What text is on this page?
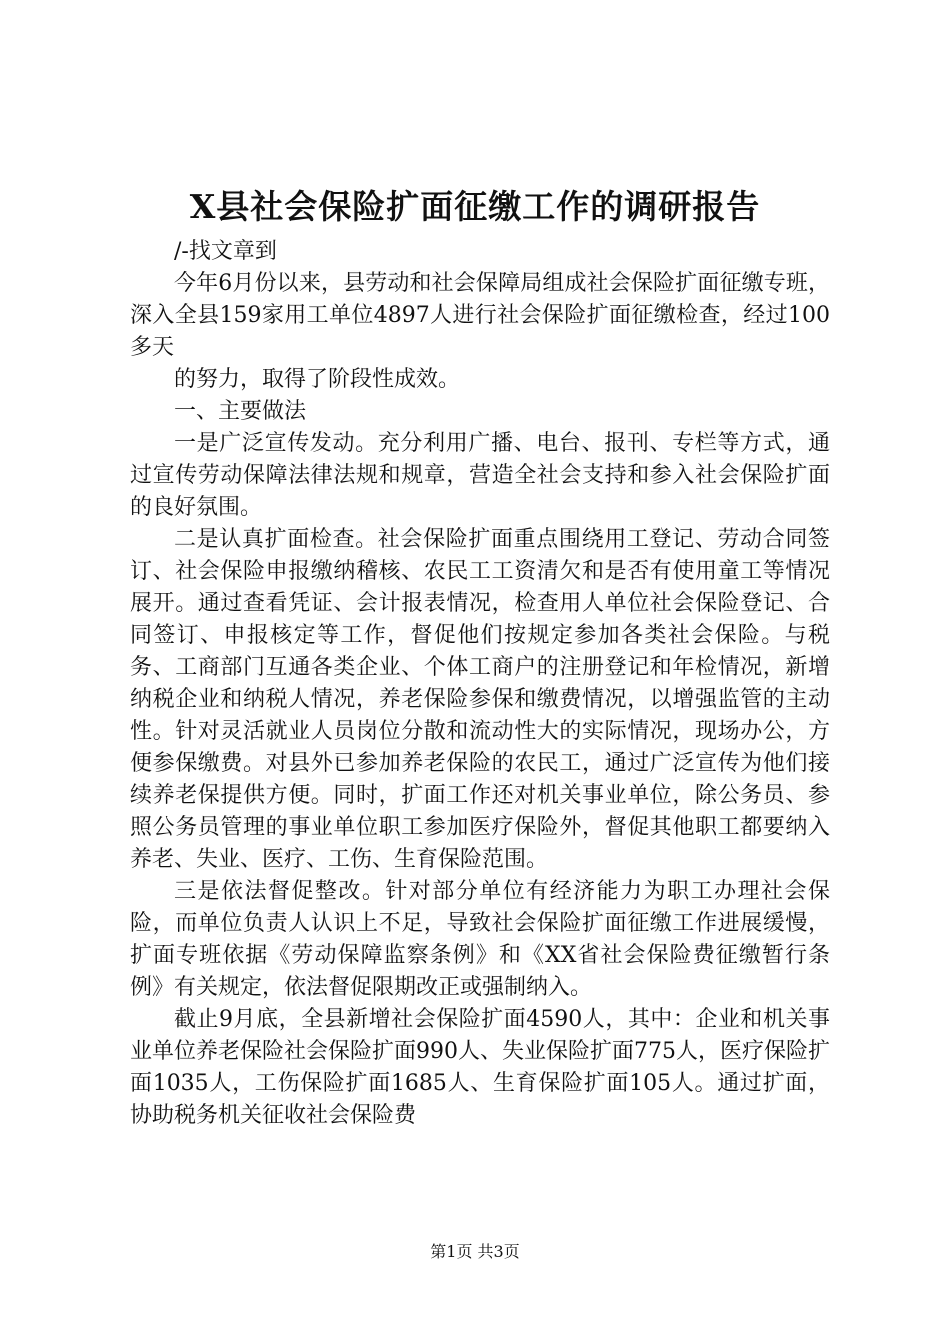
X县社会保险扩面征缴工作的调研报告

/-找文章到

今年6月份以来，县劳动和社会保障局组成社会保险扩面征缴专班，深入全县159家用工单位4897人进行社会保险扩面征缴检查，经过100多天

的努力，取得了阶段性成效。

一、主要做法

一是广泛宣传发动。充分利用广播、电台、报刊、专栏等方式，通过宣传劳动保障法律法规和规章，营造全社会支持和参入社会保险扩面的良好氛围。

二是认真扩面检查。社会保险扩面重点围绕用工登记、劳动合同签订、社会保险申报缴纳稽核、农民工工资清欠和是否有使用童工等情况展开。通过查看凭证、会计报表情况，检查用人单位社会保险登记、合同签订、申报核定等工作，督促他们按规定参加各类社会保险。与税务、工商部门互通各类企业、个体工商户的注册登记和年检情况，新增纳税企业和纳税人情况，养老保险参保和缴费情况，以增强监管的主动性。针对灵活就业人员岗位分散和流动性大的实际情况，现场办公，方便参保缴费。对县外已参加养老保险的农民工，通过广泛宣传为他们接续养老保提供方便。同时，扩面工作还对机关事业单位，除公务员、参照公务员管理的事业单位职工参加医疗保险外，督促其他职工都要纳入养老、失业、医疗、工伤、生育保险范围。

三是依法督促整改。针对部分单位有经济能力为职工办理社会保险，而单位负责人认识上不足，导致社会保险扩面征缴工作进展缓慢，扩面专班依据《劳动保障监察条例》和《XX省社会保险费征缴暂行条例》有关规定，依法督促限期改正或强制纳入。

截止9月底，全县新增社会保险扩面4590人，其中：企业和机关事业单位养老保险社会保险扩面990人、失业保险扩面775人，医疗保险扩面1035人，工伤保险扩面1685人、生育保险扩面105人。通过扩面，协助税务机关征收社会保险费

第1页 共3页
